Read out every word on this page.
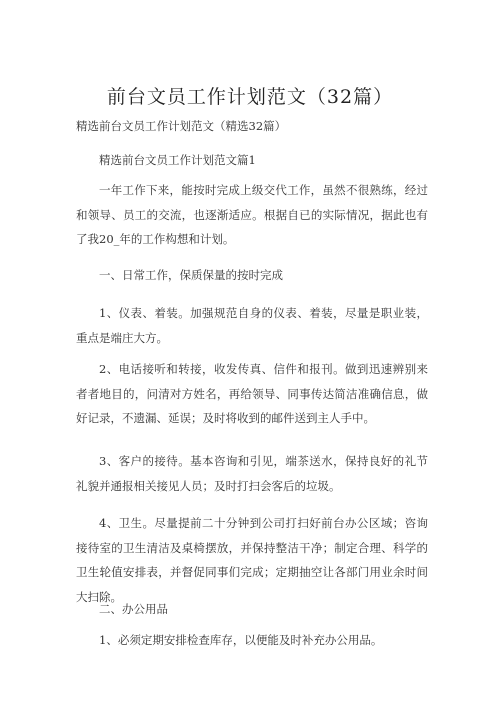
前台文员工作计划范文（32篇）
精选前台文员工作计划范文（精选32篇）
精选前台文员工作计划范文篇1
一年工作下来，能按时完成上级交代工作，虽然不很熟练，经过和领导、员工的交流，也逐渐适应。根据自已的实际情况，据此也有了我20_年的工作构想和计划。
一、日常工作，保质保量的按时完成
1、仪表、着装。加强规范自身的仪表、着装，尽量是职业装，重点是端庄大方。
2、电话接听和转接，收发传真、信件和报刊。做到迅速辨别来者者地目的，问清对方姓名，再给领导、同事传达简洁准确信息，做好记录，不遗漏、延误；及时将收到的邮件送到主人手中。
3、客户的接待。基本咨询和引见，端茶送水，保持良好的礼节礼貌并通报相关接见人员；及时打扫会客后的垃圾。
4、卫生。尽量提前二十分钟到公司打扫好前台办公区域；咨询接待室的卫生清洁及桌椅摆放，并保持整洁干净；制定合理、科学的卫生轮值安排表，并督促同事们完成；定期抽空让各部门用业余时间大扫除。
二、办公用品
1、必须定期安排检查库存，以便能及时补充办公用品。
